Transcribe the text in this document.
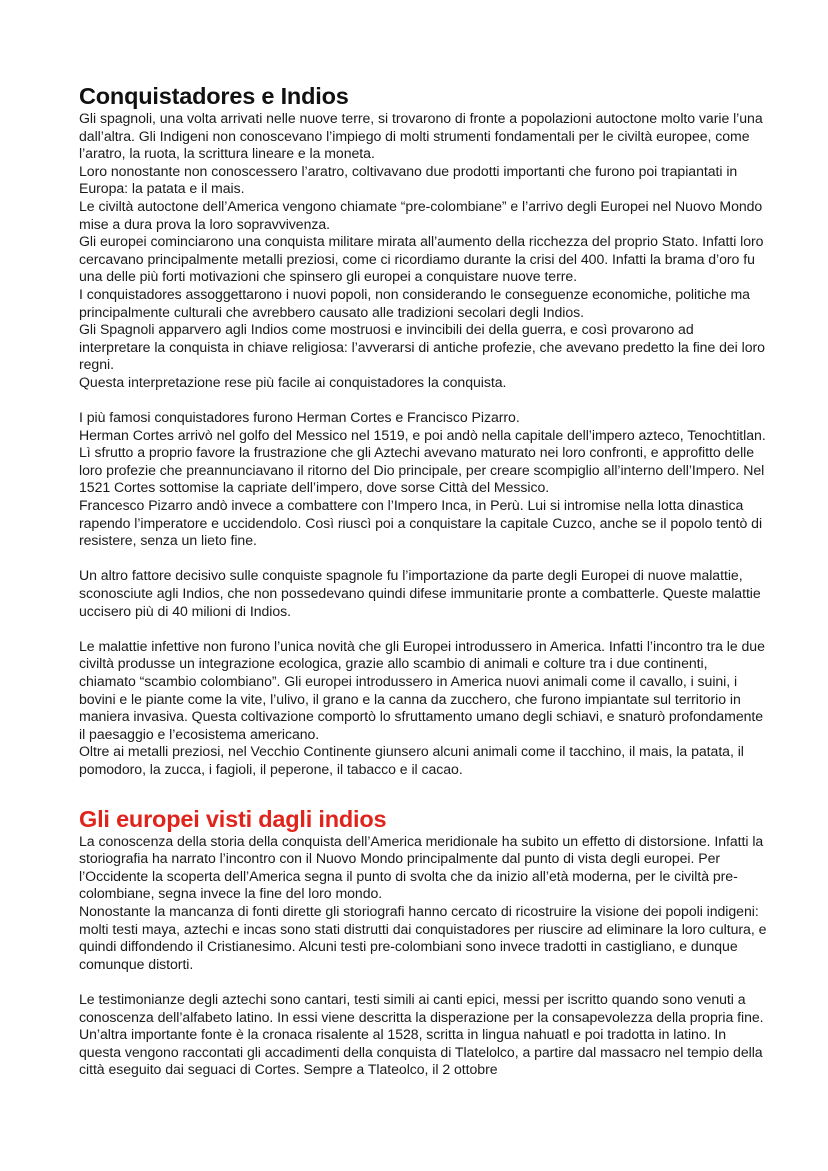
Conquistadores e Indios

Gli spagnoli, una volta arrivati nelle nuove terre, si trovarono di fronte a popolazioni autoctone molto varie l’una dall’altra. Gli Indigeni non conoscevano l’impiego di molti strumenti fondamentali per le civiltà europee, come l’aratro, la ruota, la scrittura lineare e la moneta.

Loro nonostante non conoscessero l’aratro, coltivavano due prodotti importanti che furono poi trapiantati in Europa: la patata e il mais.

Le civiltà autoctone dell’America vengono chiamate “pre-colombiane” e l’arrivo degli Europei nel Nuovo Mondo mise a dura prova la loro sopravvivenza.

Gli europei cominciarono una conquista militare mirata all’aumento della ricchezza del proprio Stato. Infatti loro cercavano principalmente metalli preziosi, come ci ricordiamo durante la crisi del 400. Infatti la brama d’oro fu una delle più forti motivazioni che spinsero gli europei a conquistare nuove terre.

I conquistadores assoggettarono i nuovi popoli, non considerando le conseguenze economiche, politiche ma principalmente culturali che avrebbero causato alle tradizioni secolari degli Indios.

Gli Spagnoli apparvero agli Indios come mostruosi e invincibili dei della guerra, e così provarono ad interpretare la conquista in chiave religiosa: l’avverarsi di antiche profezie, che avevano predetto la fine dei loro regni.

Questa interpretazione rese più facile ai conquistadores la conquista.

I più famosi conquistadores furono Herman Cortes e Francisco Pizarro.

Herman Cortes arrivò nel golfo del Messico nel 1519, e poi andò nella capitale dell’impero azteco, Tenochtitlan. Lì sfrutto a proprio favore la frustrazione che gli Aztechi avevano maturato nei loro confronti, e approfitto delle loro profezie che preannunciavano il ritorno del Dio principale, per creare scompiglio all’interno dell’Impero. Nel 1521 Cortes sottomise la capriate dell’impero, dove sorse Città del Messico.

Francesco Pizarro andò invece a combattere con l’Impero Inca, in Perù. Lui si intromise nella lotta dinastica rapendo l’imperatore e uccidendolo. Così riuscì poi a conquistare la capitale Cuzco, anche se il popolo tentò di resistere, senza un lieto fine.

Un altro fattore decisivo sulle conquiste spagnole fu l’importazione da parte degli Europei di nuove malattie, sconosciute agli Indios, che non possedevano quindi difese immunitarie pronte a combatterle. Queste malattie uccisero più di 40 milioni di Indios.

Le malattie infettive non furono l’unica novità che gli Europei introdussero in America. Infatti l’incontro tra le due civiltà produsse un integrazione ecologica, grazie allo scambio di animali e colture tra i due continenti, chiamato “scambio colombiano”. Gli europei introdussero in America nuovi animali come il cavallo, i suini, i bovini e le piante come la vite, l’ulivo, il grano e la canna da zucchero, che furono impiantate sul territorio in maniera invasiva. Questa coltivazione comportò lo sfruttamento umano degli schiavi, e snaturò profondamente il paesaggio e l’ecosistema americano.

Oltre ai metalli preziosi, nel Vecchio Continente giunsero alcuni animali come il tacchino, il mais, la patata, il pomodoro, la zucca, i fagioli, il peperone, il tabacco e il cacao.

Gli europei visti dagli indios

La conoscenza della storia della conquista dell’America meridionale ha subito un effetto di distorsione. Infatti la storiografia ha narrato l’incontro con il Nuovo Mondo principalmente dal punto di vista degli europei. Per l’Occidente la scoperta dell’America segna il punto di svolta che da inizio all’età moderna, per le civiltà pre-colombiane, segna invece la fine del loro mondo.

Nonostante la mancanza di fonti dirette gli storiografi hanno cercato di ricostruire la visione dei popoli indigeni: molti testi maya, aztechi e incas sono stati distrutti dai conquistadores per riuscire ad eliminare la loro cultura, e quindi diffondendo il Cristianesimo. Alcuni testi pre-colombiani sono invece tradotti in castigliano, e dunque comunque distorti.

Le testimonianze degli aztechi sono cantari, testi simili ai canti epici, messi per iscritto quando sono venuti a conoscenza dell’alfabeto latino. In essi viene descritta la disperazione per la consapevolezza della propria fine.

Un’altra importante fonte è la cronaca risalente al 1528, scritta in lingua nahuatl e poi tradotta in latino. In questa vengono raccontati gli accadimenti della conquista di Tlatelolco, a partire dal massacro nel tempio della città eseguito dai seguaci di Cortes. Sempre a Tlateolco, il 2 ottobre
